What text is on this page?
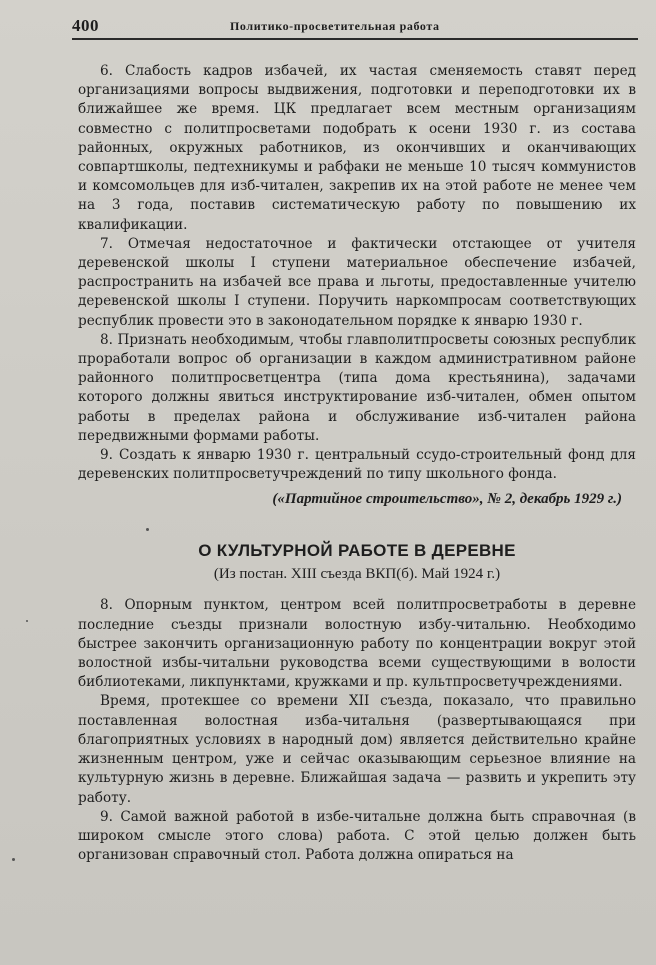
400	Политико-просветительная работа

6. Слабость кадров избачей, их частая сменяемость ставят перед организациями вопросы выдвижения, подготовки и переподготовки их в ближайшее же время. ЦК предлагает всем местным организациям совместно с политпросветами подобрать к осени 1930 г. из состава районных, окружных работников, из окончивших и оканчивающих совпартшколы, педтехникумы и рабфаки не меньше 10 тысяч коммунистов и комсомольцев для изб-читален, закрепив их на этой работе не менее чем на 3 года, поставив систематическую работу по повышению их квалификации.

7. Отмечая недостаточное и фактически отстающее от учителя деревенской школы I ступени материальное обеспечение избачей, распространить на избачей все права и льготы, предоставленные учителю деревенской школы I ступени. Поручить наркомпросам соответствующих республик провести это в законодательном порядке к январю 1930 г.

8. Признать необходимым, чтобы главполитпросветы союзных республик проработали вопрос об организации в каждом административном районе районного политпросветцентра (типа дома крестьянина), задачами которого должны явиться инструктирование изб-читален, обмен опытом работы в пределах района и обслуживание изб-читален района передвижными формами работы.

9. Создать к январю 1930 г. центральный ссудо-строительный фонд для деревенских политпросветучреждений по типу школьного фонда.

(«Партийное строительство», № 2, декабрь 1929 г.)

О КУЛЬТУРНОЙ РАБОТЕ В ДЕРЕВНЕ

(Из постан. XIII съезда ВКП(б). Май 1924 г.)

8. Опорным пунктом, центром всей политпросветработы в деревне последние съезды признали волостную избу-читальню. Необходимо быстрее закончить организационную работу по концентрации вокруг этой волостной избы-читальни руководства всеми существующими в волости библиотеками, ликпунктами, кружками и пр. культпросветучреждениями.

Время, протекшее со времени XII съезда, показало, что правильно поставленная волостная изба-читальня (развертывающаяся при благоприятных условиях в народный дом) является действительно крайне жизненным центром, уже и сейчас оказывающим серьезное влияние на культурную жизнь в деревне. Ближайшая задача — развить и укрепить эту работу.

9. Самой важной работой в избе-читальне должна быть справочная (в широком смысле этого слова) работа. С этой целью должен быть организован справочный стол. Работа должна опираться на
